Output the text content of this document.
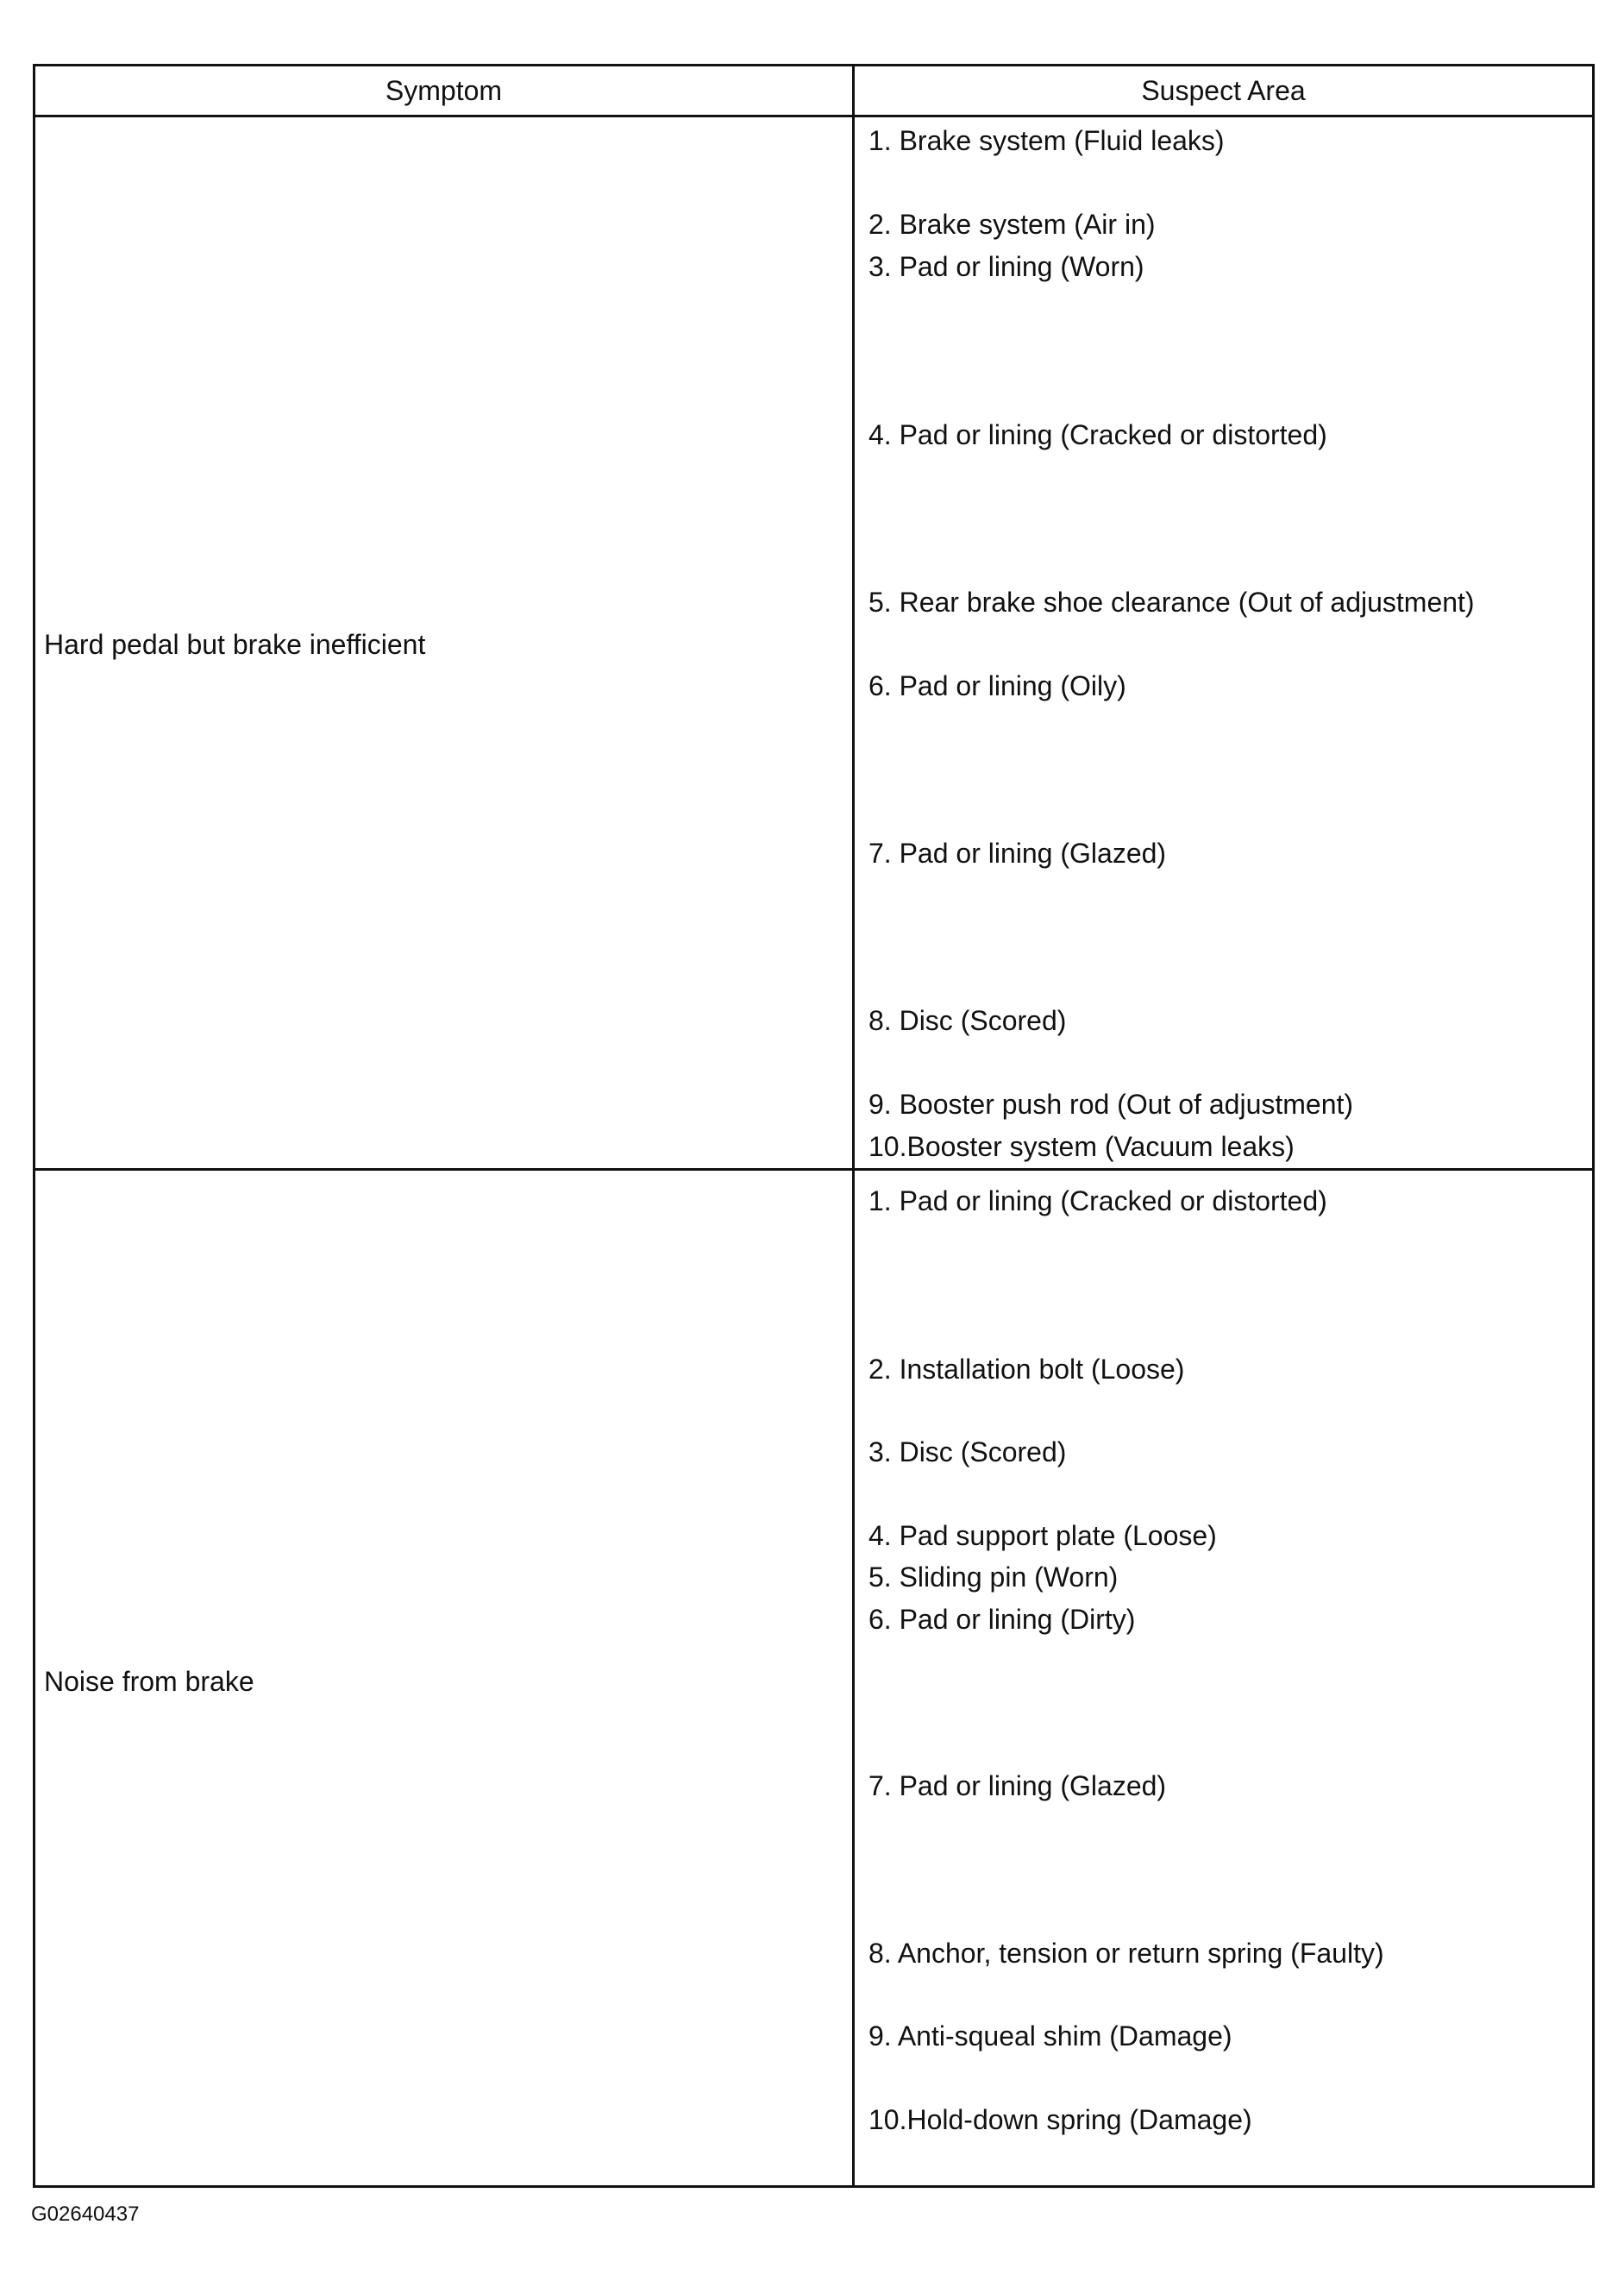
Symptom	Suspect Area
Hard pedal but brake inefficient
1. Brake system (Fluid leaks)
2. Brake system (Air in)
3. Pad or lining (Worn)
4. Pad or lining (Cracked or distorted)
5. Rear brake shoe clearance (Out of adjustment)
6. Pad or lining (Oily)
7. Pad or lining (Glazed)
8. Disc (Scored)
9. Booster push rod (Out of adjustment)
10.Booster system (Vacuum leaks)
Noise from brake
1. Pad or lining (Cracked or distorted)
2. Installation bolt (Loose)
3. Disc (Scored)
4. Pad support plate (Loose)
5. Sliding pin (Worn)
6. Pad or lining (Dirty)
7. Pad or lining (Glazed)
8. Anchor, tension or return spring (Faulty)
9. Anti-squeal shim (Damage)
10.Hold-down spring (Damage)
G02640437
